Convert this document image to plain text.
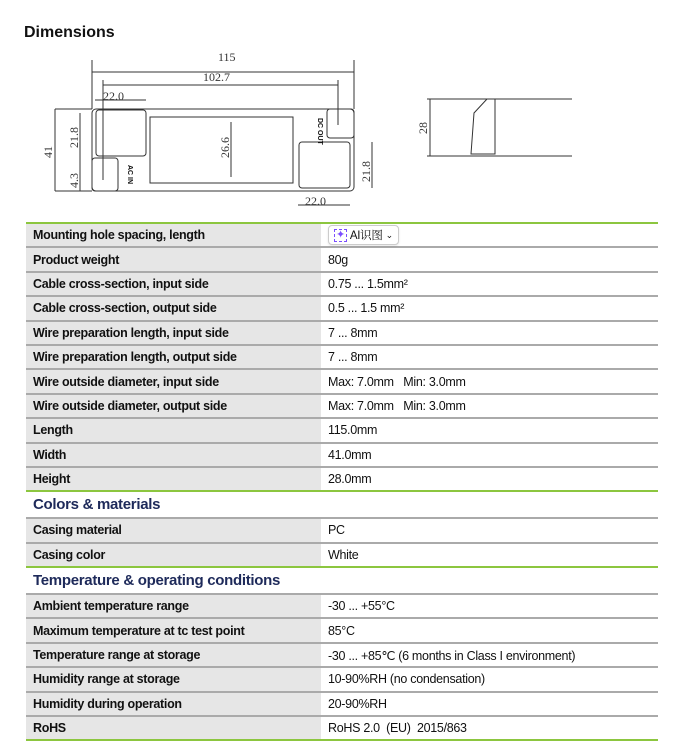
Dimensions
115
102.7
22.0
22.0
41
21.8
4.3
26.6
21.8
AC IN
DC OUT	28
Mounting hole spacing, length	✦ AI识图 ⌄

Product weight	80g
Cable cross-section, input side	0.75 ... 1.5mm²
Cable cross-section, output side	0.5 ... 1.5 mm²
Wire preparation length, input side	7 ... 8mm
Wire preparation length, output side	7 ... 8mm
Wire outside diameter, input side	Max: 7.0mm   Min: 3.0mm
Wire outside diameter, output side	Max: 7.0mm   Min: 3.0mm
Length	115.0mm
Width	41.0mm
Height	28.0mm
Colors & materials	
Casing material	PC
Casing color	White
Temperature & operating conditions	
Ambient temperature range	-30 ... +55°C
Maximum temperature at tc test point	85°C
Temperature range at storage	-30 ... +85℃ (6 months in Class I environment)
Humidity range at storage	10-90%RH (no condensation)
Humidity during operation	20-90%RH
RoHS	RoHS 2.0  (EU)  2015/863
